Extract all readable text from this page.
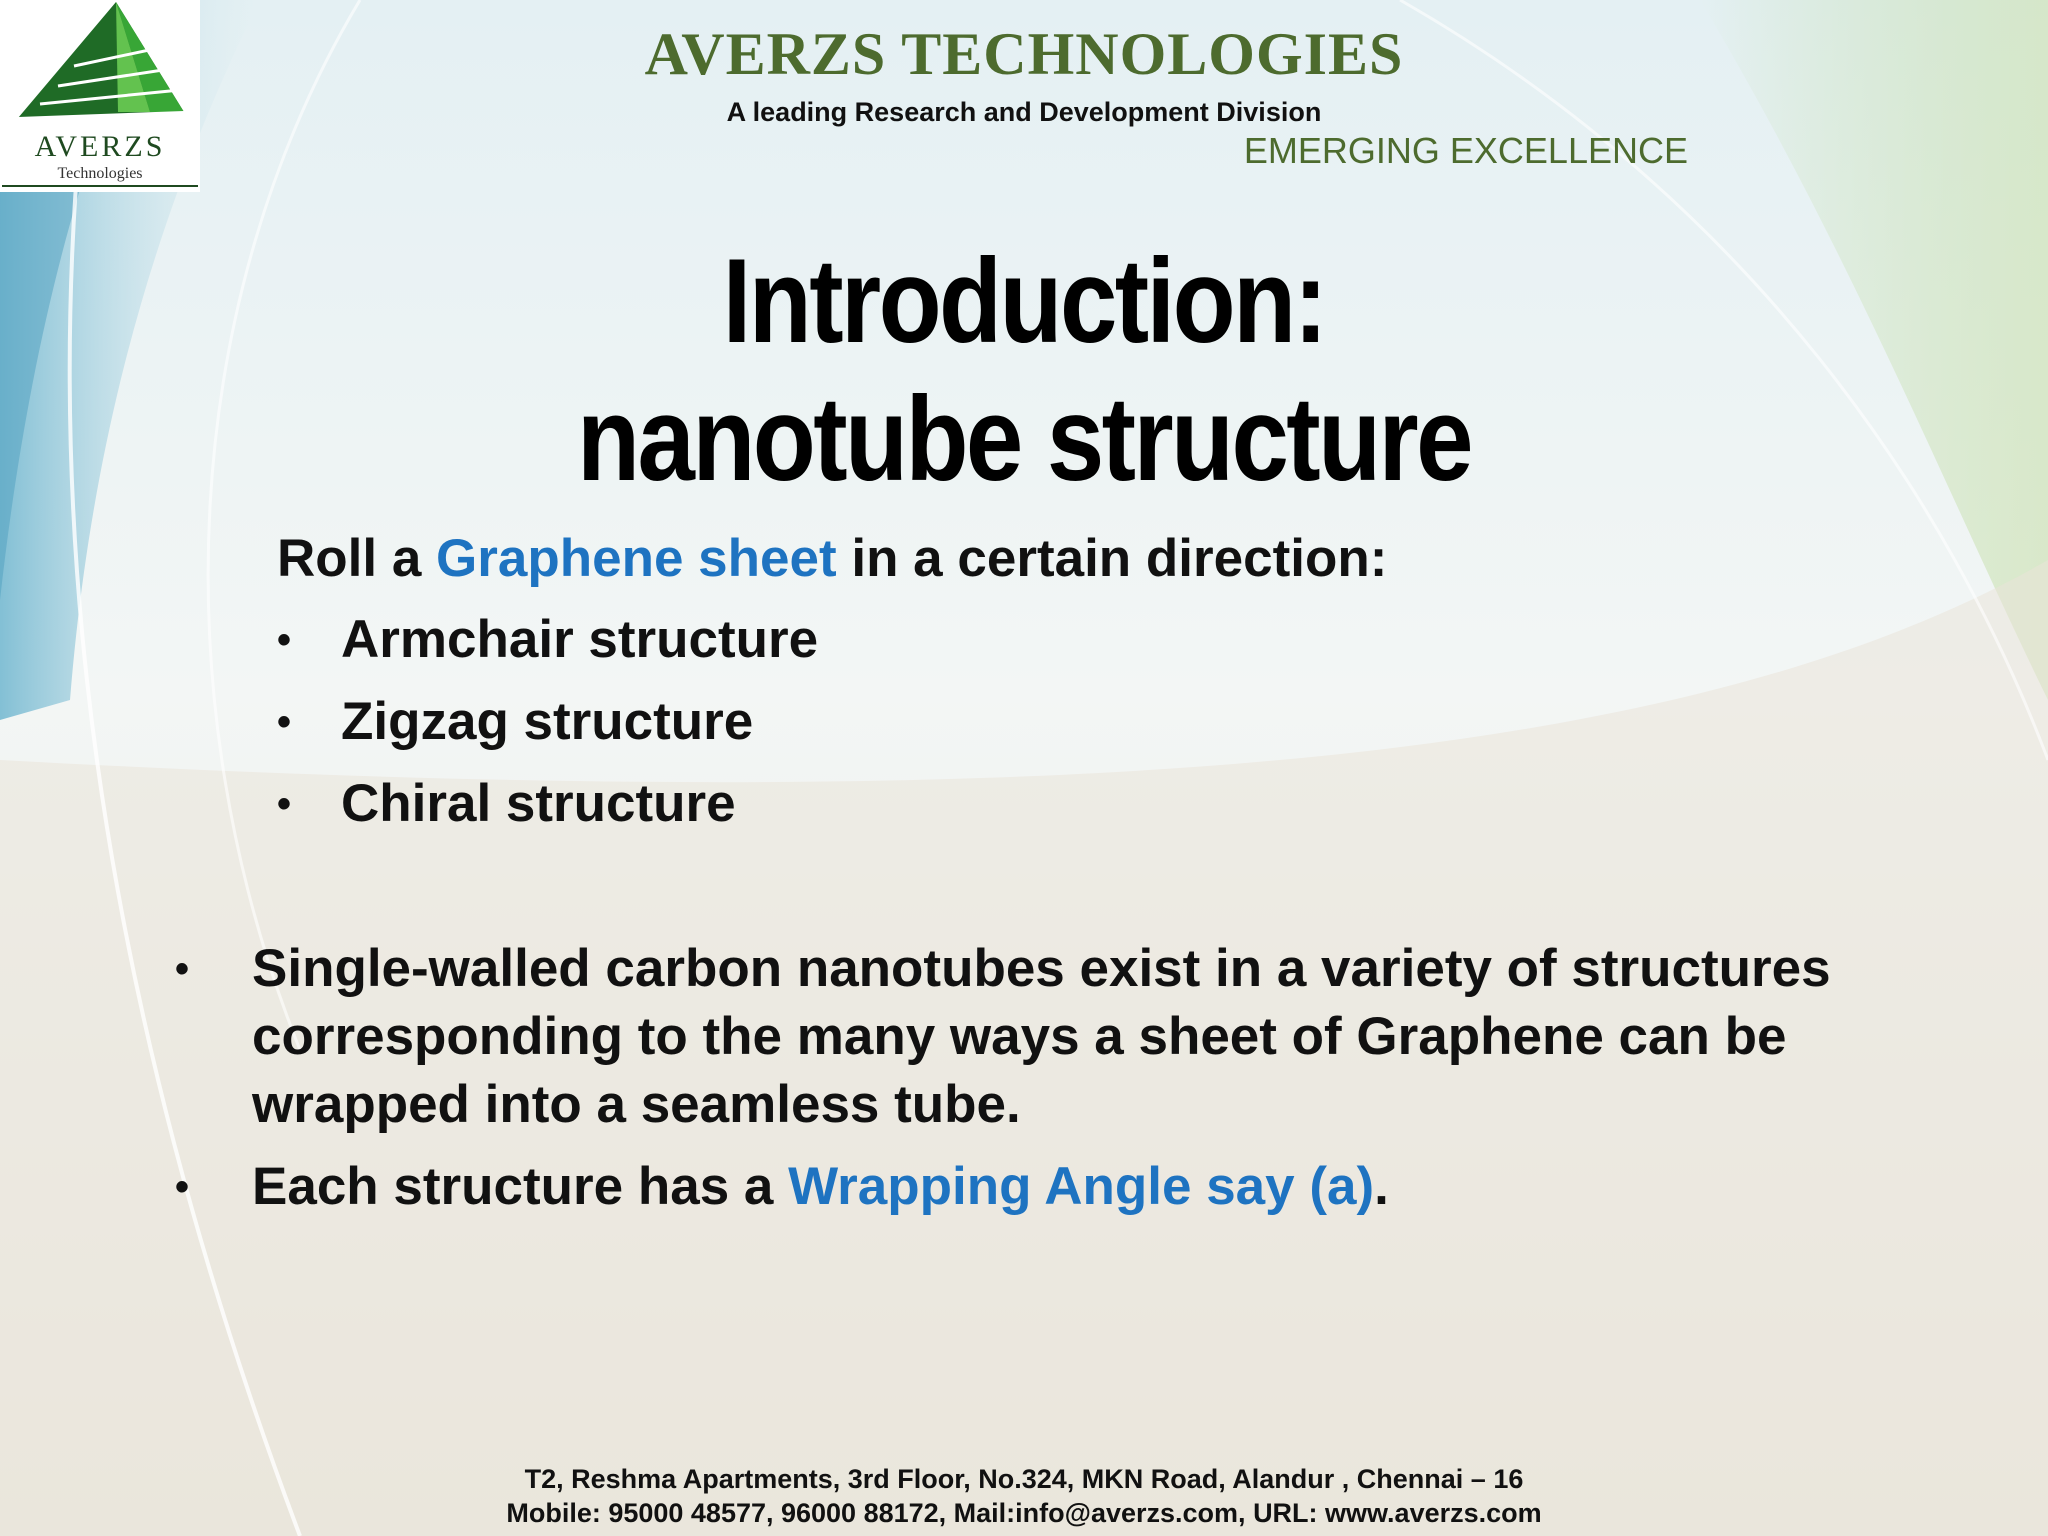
AVERZS
Technologies
AVERZS TECHNOLOGIES
A leading Research and Development Division
EMERGING EXCELLENCE
Introduction:
nanotube structure
Roll a Graphene sheet in a certain direction:
• Armchair structure
• Zigzag structure
• Chiral structure
• Single-walled carbon nanotubes exist in a variety of structures corresponding to the many ways a sheet of Graphene can be wrapped into a seamless tube.
• Each structure has a Wrapping Angle say (a).
T2, Reshma Apartments, 3rd Floor, No.324, MKN Road, Alandur , Chennai – 16
Mobile: 95000 48577, 96000 88172, Mail:info@averzs.com, URL: www.averzs.com
